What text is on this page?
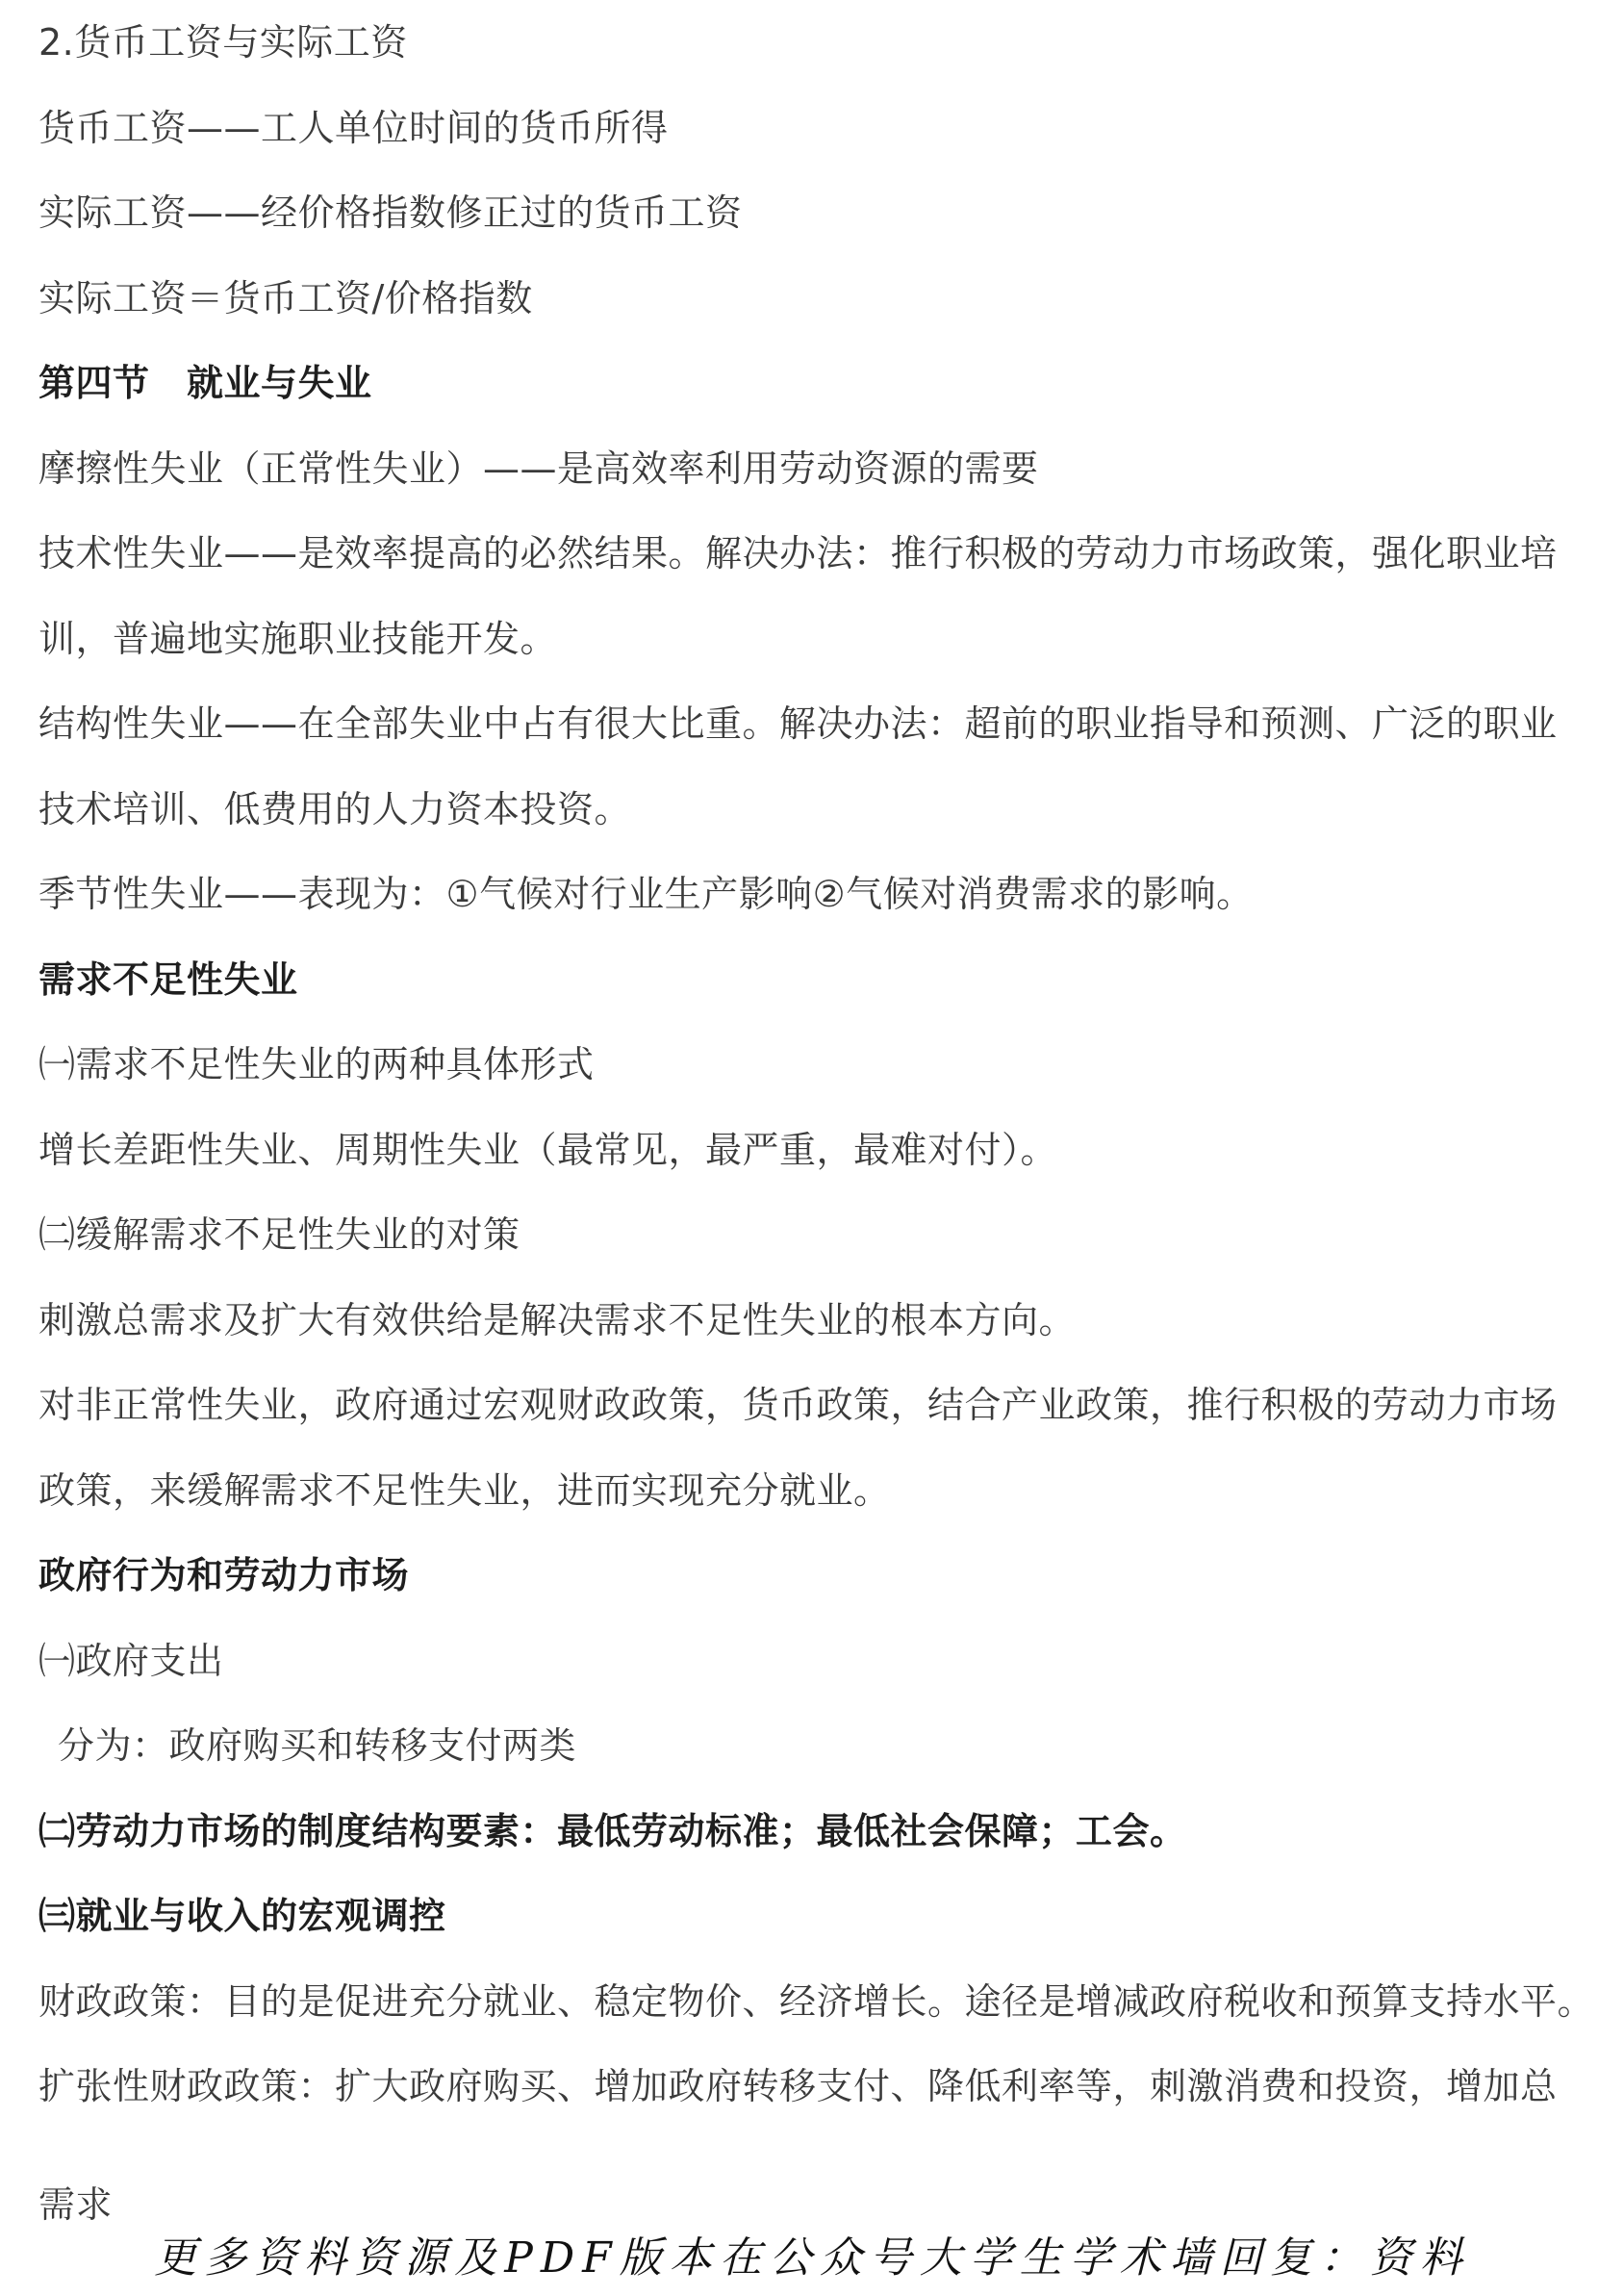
2.货币工资与实际工资
货币工资——工人单位时间的货币所得
实际工资——经价格指数修正过的货币工资
实际工资＝货币工资/价格指数
第四节　就业与失业
摩擦性失业（正常性失业）——是高效率利用劳动资源的需要
技术性失业——是效率提高的必然结果。解决办法：推行积极的劳动力市场政策，强化职业培
训，普遍地实施职业技能开发。
结构性失业——在全部失业中占有很大比重。解决办法：超前的职业指导和预测、广泛的职业
技术培训、低费用的人力资本投资。
季节性失业——表现为：①气候对行业生产影响②气候对消费需求的影响。
需求不足性失业
㈠需求不足性失业的两种具体形式
增长差距性失业、周期性失业（最常见，最严重，最难对付）。
㈡缓解需求不足性失业的对策
刺激总需求及扩大有效供给是解决需求不足性失业的根本方向。
对非正常性失业，政府通过宏观财政政策，货币政策，结合产业政策，推行积极的劳动力市场
政策，来缓解需求不足性失业，进而实现充分就业。
政府行为和劳动力市场
㈠政府支出
分为：政府购买和转移支付两类
㈡劳动力市场的制度结构要素：最低劳动标准；最低社会保障；工会。
㈢就业与收入的宏观调控
财政政策：目的是促进充分就业、稳定物价、经济增长。途径是增减政府税收和预算支持水平。
扩张性财政政策：扩大政府购买、增加政府转移支付、降低利率等，刺激消费和投资，增加总
需求
更多资料资源及PDF版本在公众号大学生学术墙回复：资料
